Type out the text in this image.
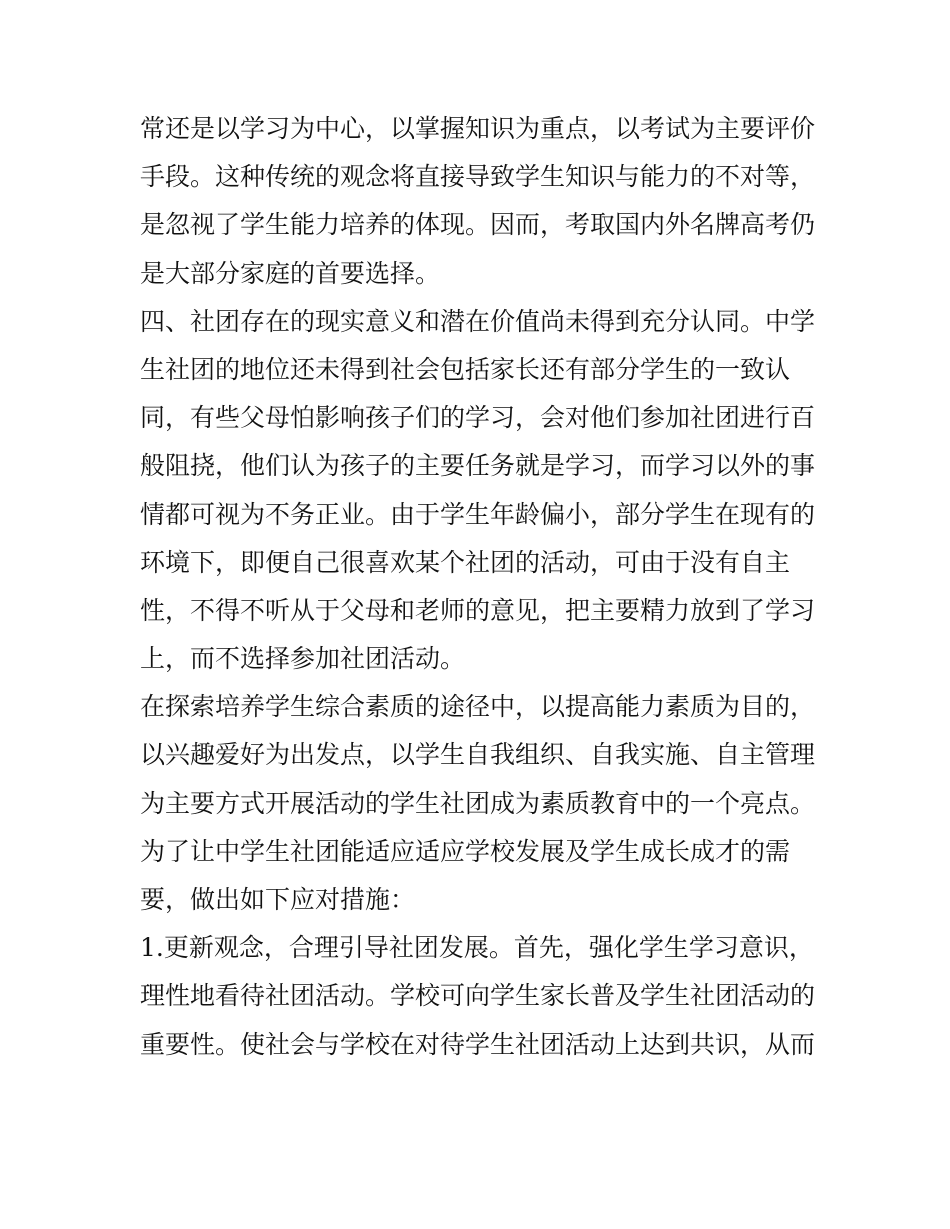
常还是以学习为中心，以掌握知识为重点，以考试为主要评价
手段。这种传统的观念将直接导致学生知识与能力的不对等，
是忽视了学生能力培养的体现。因而，考取国内外名牌高考仍
是大部分家庭的首要选择。
四、社团存在的现实意义和潜在价值尚未得到充分认同。中学
生社团的地位还未得到社会包括家长还有部分学生的一致认
同，有些父母怕影响孩子们的学习，会对他们参加社团进行百
般阻挠，他们认为孩子的主要任务就是学习，而学习以外的事
情都可视为不务正业。由于学生年龄偏小，部分学生在现有的
环境下，即便自己很喜欢某个社团的活动，可由于没有自主
性，不得不听从于父母和老师的意见，把主要精力放到了学习
上，而不选择参加社团活动。
在探索培养学生综合素质的途径中，以提高能力素质为目的，
以兴趣爱好为出发点，以学生自我组织、自我实施、自主管理
为主要方式开展活动的学生社团成为素质教育中的一个亮点。
为了让中学生社团能适应适应学校发展及学生成长成才的需
要，做出如下应对措施：
1.更新观念，合理引导社团发展。首先，强化学生学习意识，
理性地看待社团活动。学校可向学生家长普及学生社团活动的
重要性。使社会与学校在对待学生社团活动上达到共识，从而
